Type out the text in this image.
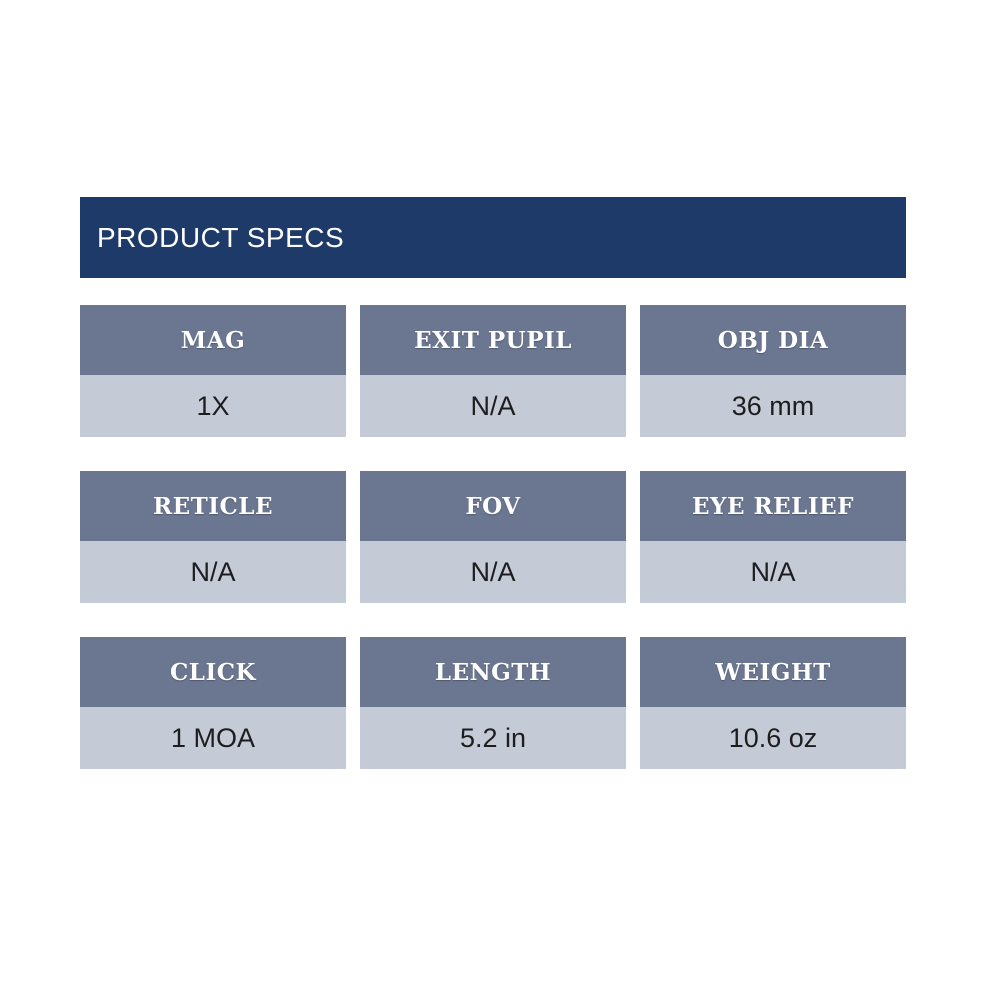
PRODUCT SPECS
MAG
1X
EXIT PUPIL
N/A
OBJ DIA
36 mm
RETICLE
N/A
FOV
N/A
EYE RELIEF
N/A
CLICK
1 MOA
LENGTH
5.2 in
WEIGHT
10.6 oz
